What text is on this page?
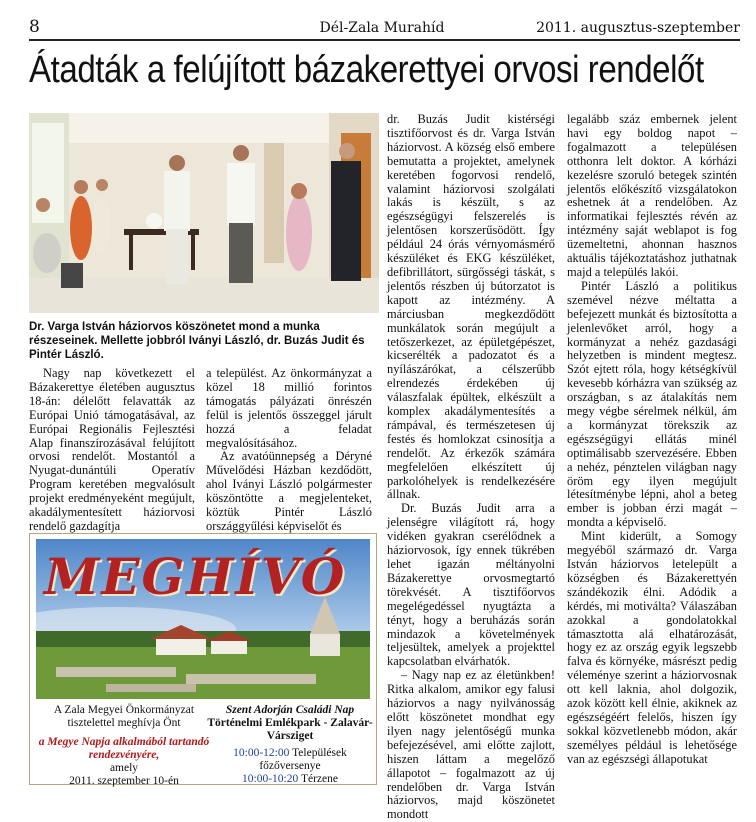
8	Dél-Zala Murahíd	2011. augusztus-szeptember
Átadták a felújított bázakerettyei orvosi rendelőt
Dr. Varga István háziorvos köszönetet mond a munka részeseinek. Mellette jobbról Iványi László, dr. Buzás Judit és Pintér László.

Nagy nap következett el Bázakerettye életében augusztus 18-án: délelőtt felavatták az Európai Unió támogatásával, az Európai Regionális Fejlesztési Alap finanszírozásával felújított orvosi rendelőt. Mostantól a Nyugat-dunántúli Operatív Program keretében megvalósult projekt eredményeként megújult, akadálymentesített háziorvosi rendelő gazdagítja

a települést. Az önkormányzat a közel 18 millió forintos támogatás pályázati önrészén felül is jelentős összeggel járult hozzá a feladat megvalósításához.

Az avatóünnepség a Déryné Művelődési Házban kezdődött, ahol Iványi László polgármester köszöntötte a megjelenteket, köztük Pintér László országgyűlési képviselőt és

dr. Buzás Judit kistérségi tisztifőorvost és dr. Varga István háziorvost. A község első embere bemutatta a projektet, amelynek keretében fogorvosi rendelő, valamint háziorvosi szolgálati lakás is készült, s az egészségügyi felszerelés is jelentősen korszerűsödött. Így például 24 órás vérnyomásmérő készüléket és EKG készüléket, defibrillátort, sürgősségi táskát, s jelentős részben új bútorzatot is kapott az intézmény. A márciusban megkezdődött munkálatok során megújult a tetőszerkezet, az épületgépészet, kicserélték a padozatot és a nyílászárókat, a célszerűbb elrendezés érdekében új válaszfalak épültek, elkészült a komplex akadálymentesítés a rámpával, és természetesen új festés és homlokzat csinosítja a rendelőt. Az érkezők számára megfelelően elkészített új parkolóhelyek is rendelkezésére állnak.

Dr. Buzás Judit arra a jelenségre világított rá, hogy vidéken gyakran cserélődnek a háziorvosok, így ennek tükrében lehet igazán méltányolni Bázakerettye orvosmegtartó törekvését. A tisztifőorvos megelégedéssel nyugtázta a tényt, hogy a beruházás során mindazok a követelmények teljesültek, amelyek a projekttel kapcsolatban elvárhatók.

– Nagy nap ez az életünkben! Ritka alkalom, amikor egy falusi háziorvos a nagy nyilvánosság előtt köszönetet mondhat egy ilyen nagy jelentőségű munka befejezésével, ami előtte zajlott, hiszen láttam a megelőző állapotot – fogalmazott az új rendelőben dr. Varga István háziorvos, majd köszönetet mondott

legalább száz embernek jelent havi egy boldog napot – fogalmazott a településen otthonra lelt doktor. A kórházi kezelésre szoruló betegek szintén jelentős előkészítő vizsgálatokon eshetnek át a rendelőben. Az informatikai fejlesztés révén az intézmény saját weblapot is fog üzemeltetni, ahonnan hasznos aktuális tájékoztatáshoz juthatnak majd a település lakói.

Pintér László a politikus szemével nézve méltatta a befejezett munkát és biztosította a jelenlevőket arról, hogy a kormányzat a nehéz gazdasági helyzetben is mindent megtesz. Szót ejtett róla, hogy kétségkívül kevesebb kórházra van szükség az országban, s az átalakítás nem megy végbe sérelmek nélkül, ám a kormányzat törekszik az egészségügyi ellátás minél optimálisabb szervezésére. Ebben a nehéz, pénztelen világban nagy öröm egy ilyen megújult létesítménybe lépni, ahol a beteg ember is jobban érzi magát – mondta a képviselő.

Mint kiderült, a Somogy megyéből származó dr. Varga István háziorvos letelepült a községben és Bázakerettyén szándékozik élni. Adódik a kérdés, mi motiválta? Válaszában azokkal a gondolatokkal támasztotta alá elhatározását, hogy ez az ország egyik legszebb falva és környéke, másrészt pedig véleménye szerint a háziorvosnak ott kell laknia, ahol dolgozik, azok között kell élnie, akiknek az egészségéért felelős, hiszen így sokkal közvetlenebb módon, akár személyes például is lehetősége van az egészségi állapotukat

MEGHÍVÓ
A Zala Megyei Önkormányzat tisztelettel meghívja Önt
a Megye Napja alkalmából tartandó rendezvényére,
amely
2011. szeptember 10-én
Szent Adorján Családi Nap
Történelmi Emlékpark - Zalavár-Vársziget
10:00-12:00 Települések főzőversenye
10:00-10:20 Térzene
